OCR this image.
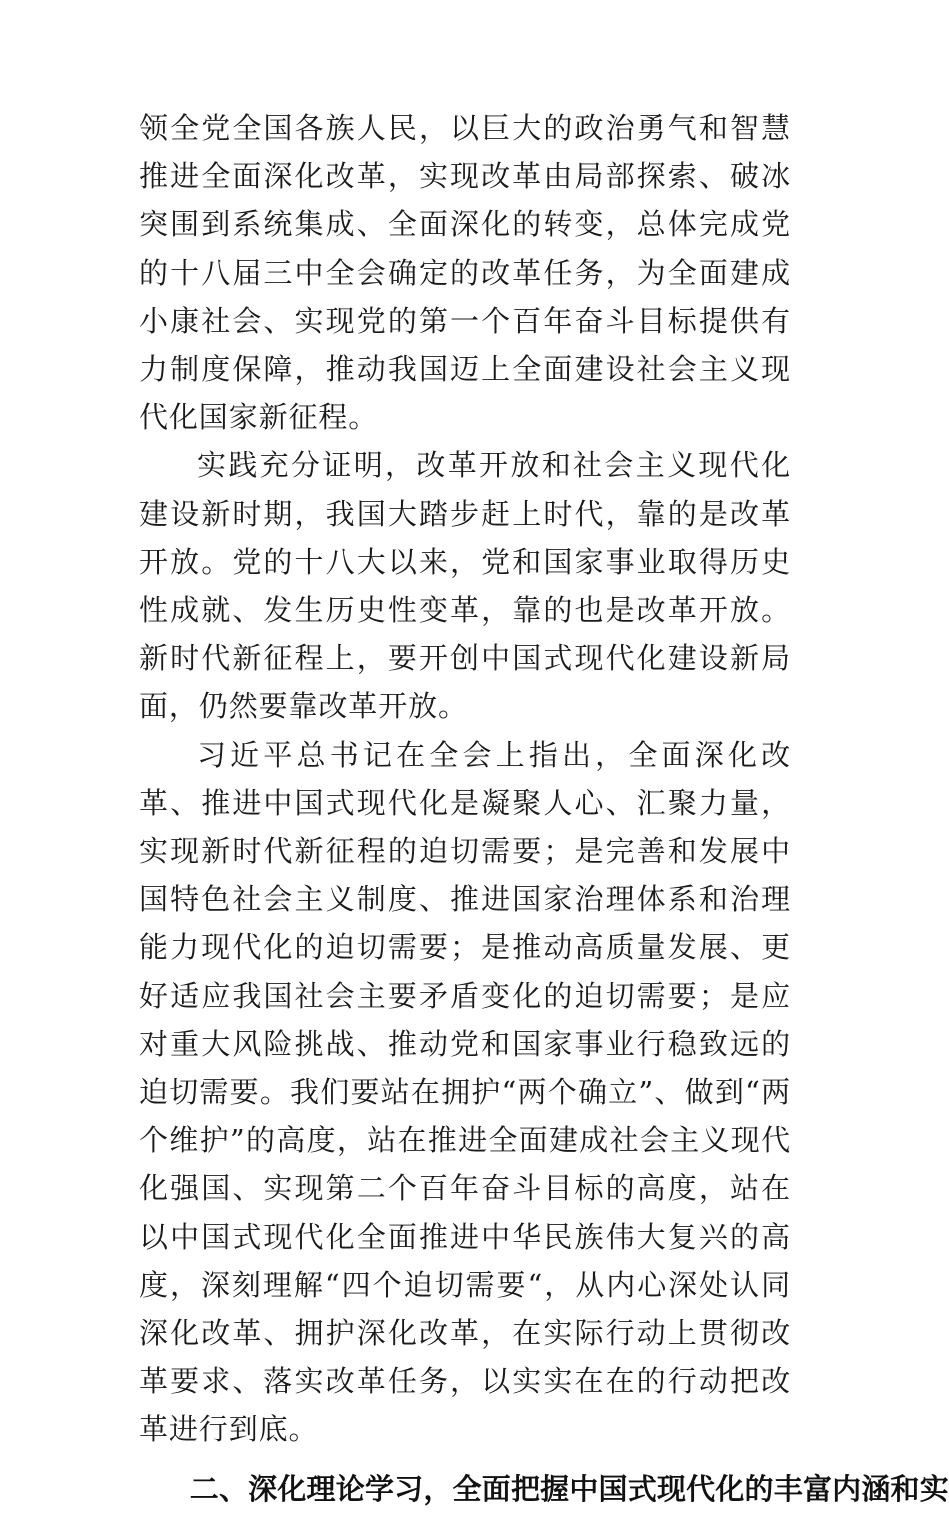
领全党全国各族人民，以巨大的政治勇气和智慧推进全面深化改革，实现改革由局部探索、破冰突围到系统集成、全面深化的转变，总体完成党的十八届三中全会确定的改革任务，为全面建成小康社会、实现党的第一个百年奋斗目标提供有力制度保障，推动我国迈上全面建设社会主义现代化国家新征程。

实践充分证明，改革开放和社会主义现代化建设新时期，我国大踏步赶上时代，靠的是改革开放。党的十八大以来，党和国家事业取得历史性成就、发生历史性变革，靠的也是改革开放。新时代新征程上，要开创中国式现代化建设新局面，仍然要靠改革开放。

习近平总书记在全会上指出，全面深化改革、推进中国式现代化是凝聚人心、汇聚力量，实现新时代新征程的迫切需要；是完善和发展中国特色社会主义制度、推进国家治理体系和治理能力现代化的迫切需要；是推动高质量发展、更好适应我国社会主要矛盾变化的迫切需要；是应对重大风险挑战、推动党和国家事业行稳致远的迫切需要。我们要站在拥护“两个确立”、做到“两个维护”的高度，站在推进全面建成社会主义现代化强国、实现第二个百年奋斗目标的高度，站在以中国式现代化全面推进中华民族伟大复兴的高度，深刻理解“四个迫切需要“，从内心深处认同深化改革、拥护深化改革，在实际行动上贯彻改革要求、落实改革任务，以实实在在的行动把改革进行到底。

二、深化理论学习，全面把握中国式现代化的丰富内涵和实
